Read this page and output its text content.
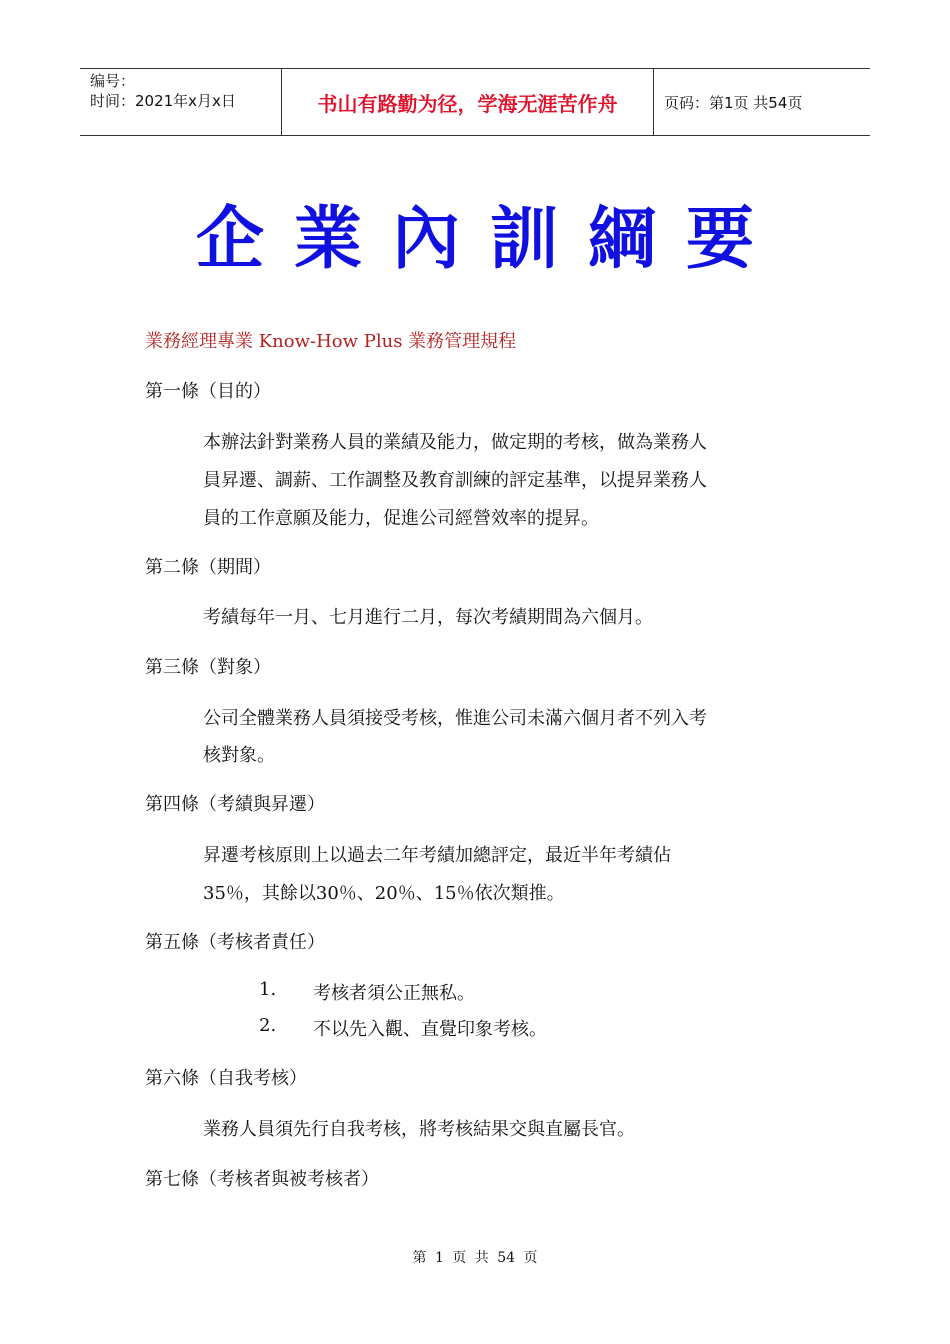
编号：
时间：2021年x月x日	书山有路勤为径，学海无涯苦作舟	页码：第1页 共54页
企業內訓綱要
業務經理專業 Know-How Plus 業務管理規程
第一條（目的）
本辦法針對業務人員的業績及能力，做定期的考核，做為業務人
員昇遷、調薪、工作調整及教育訓練的評定基準，以提昇業務人
員的工作意願及能力，促進公司經營效率的提昇。
第二條（期間）
考績每年一月、七月進行二月，每次考績期間為六個月。
第三條（對象）
公司全體業務人員須接受考核，惟進公司未滿六個月者不列入考
核對象。
第四條（考績與昇遷）
昇遷考核原則上以過去二年考績加總評定，最近半年考績佔
35％，其餘以30％、20％、15％依次類推。
第五條（考核者責任）
1. 考核者須公正無私。
2. 不以先入觀、直覺印象考核。
第六條（自我考核）
業務人員須先行自我考核，將考核結果交與直屬長官。
第七條（考核者與被考核者）
第 1 页 共 54 页
